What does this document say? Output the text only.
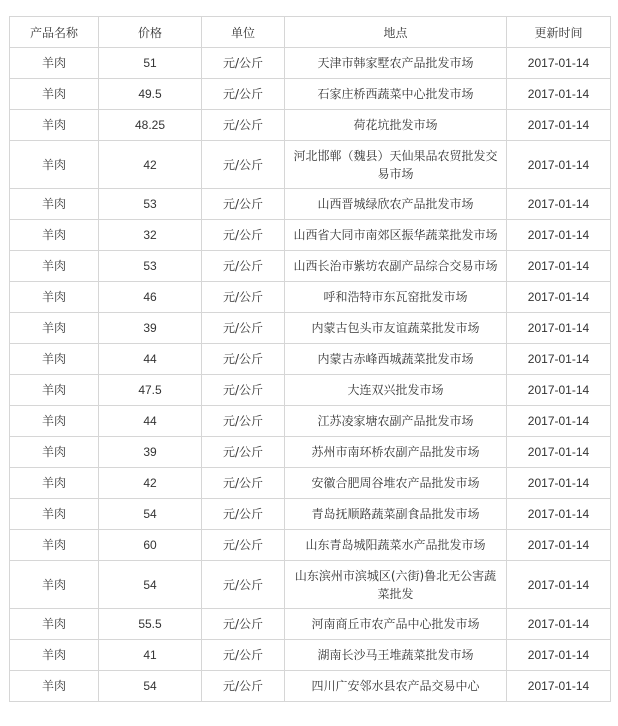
产品名称	价格	单位	地点	更新时间
羊肉	51	元/公斤	天津市韩家墅农产品批发市场	2017-01-14
羊肉	49.5	元/公斤	石家庄桥西蔬菜中心批发市场	2017-01-14
羊肉	48.25	元/公斤	荷花坑批发市场	2017-01-14
羊肉	42	元/公斤	河北邯郸（魏县）天仙果品农贸批发交易市场	2017-01-14
羊肉	53	元/公斤	山西晋城绿欣农产品批发市场	2017-01-14
羊肉	32	元/公斤	山西省大同市南郊区振华蔬菜批发市场	2017-01-14
羊肉	53	元/公斤	山西长治市紫坊农副产品综合交易市场	2017-01-14
羊肉	46	元/公斤	呼和浩特市东瓦窑批发市场	2017-01-14
羊肉	39	元/公斤	内蒙古包头市友谊蔬菜批发市场	2017-01-14
羊肉	44	元/公斤	内蒙古赤峰西城蔬菜批发市场	2017-01-14
羊肉	47.5	元/公斤	大连双兴批发市场	2017-01-14
羊肉	44	元/公斤	江苏凌家塘农副产品批发市场	2017-01-14
羊肉	39	元/公斤	苏州市南环桥农副产品批发市场	2017-01-14
羊肉	42	元/公斤	安徽合肥周谷堆农产品批发市场	2017-01-14
羊肉	54	元/公斤	青岛抚顺路蔬菜副食品批发市场	2017-01-14
羊肉	60	元/公斤	山东青岛城阳蔬菜水产品批发市场	2017-01-14
羊肉	54	元/公斤	山东滨州市滨城区(六街)鲁北无公害蔬菜批发	2017-01-14
羊肉	55.5	元/公斤	河南商丘市农产品中心批发市场	2017-01-14
羊肉	41	元/公斤	湖南长沙马王堆蔬菜批发市场	2017-01-14
羊肉	54	元/公斤	四川广安邻水县农产品交易中心	2017-01-14
